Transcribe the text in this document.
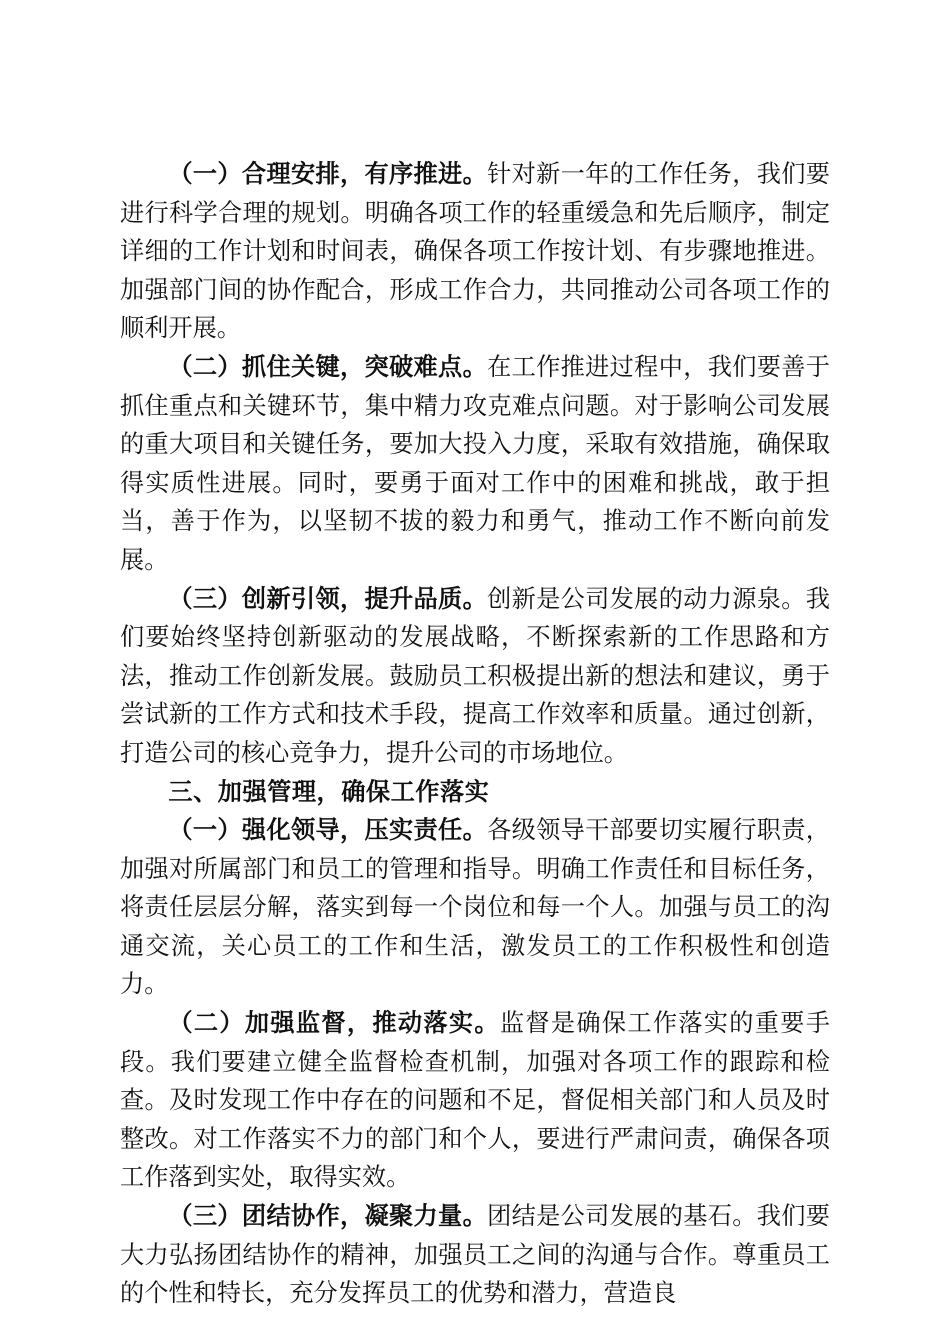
（一）合理安排，有序推进。针对新一年的工作任务，我们要进行科学合理的规划。明确各项工作的轻重缓急和先后顺序，制定详细的工作计划和时间表，确保各项工作按计划、有步骤地推进。加强部门间的协作配合，形成工作合力，共同推动公司各项工作的顺利开展。

（二）抓住关键，突破难点。在工作推进过程中，我们要善于抓住重点和关键环节，集中精力攻克难点问题。对于影响公司发展的重大项目和关键任务，要加大投入力度，采取有效措施，确保取得实质性进展。同时，要勇于面对工作中的困难和挑战，敢于担当，善于作为，以坚韧不拔的毅力和勇气，推动工作不断向前发展。

（三）创新引领，提升品质。创新是公司发展的动力源泉。我们要始终坚持创新驱动的发展战略，不断探索新的工作思路和方法，推动工作创新发展。鼓励员工积极提出新的想法和建议，勇于尝试新的工作方式和技术手段，提高工作效率和质量。通过创新，打造公司的核心竞争力，提升公司的市场地位。

三、加强管理，确保工作落实

（一）强化领导，压实责任。各级领导干部要切实履行职责，加强对所属部门和员工的管理和指导。明确工作责任和目标任务，将责任层层分解，落实到每一个岗位和每一个人。加强与员工的沟通交流，关心员工的工作和生活，激发员工的工作积极性和创造力。

（二）加强监督，推动落实。监督是确保工作落实的重要手段。我们要建立健全监督检查机制，加强对各项工作的跟踪和检查。及时发现工作中存在的问题和不足，督促相关部门和人员及时整改。对工作落实不力的部门和个人，要进行严肃问责，确保各项工作落到实处，取得实效。

（三）团结协作，凝聚力量。团结是公司发展的基石。我们要大力弘扬团结协作的精神，加强员工之间的沟通与合作。尊重员工的个性和特长，充分发挥员工的优势和潜力，营造良
